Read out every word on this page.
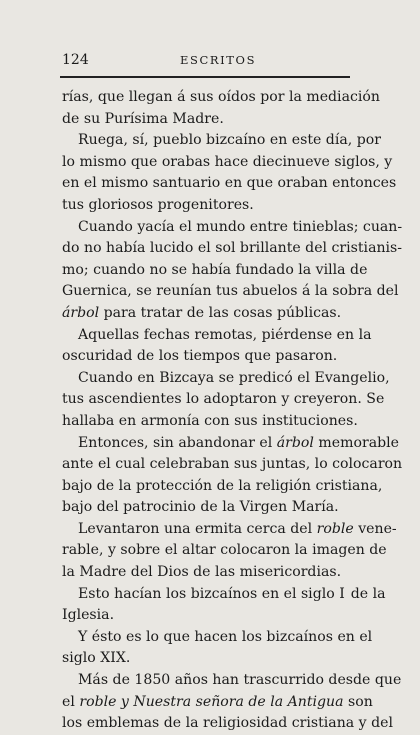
124	ESCRITOS
rías, que llegan á sus oídos por la mediación
de su Purísima Madre.
Ruega, sí, pueblo bizcaíno en este día, por
lo mismo que orabas hace diecinueve siglos, y
en el mismo santuario en que oraban entonces
tus gloriosos progenitores.
Cuando yacía el mundo entre tinieblas; cuan-
do no había lucido el sol brillante del cristianis-
mo; cuando no se había fundado la villa de
Guernica, se reunían tus abuelos á la sobra del
árbol para tratar de las cosas públicas.
Aquellas fechas remotas, piérdense en la
oscuridad de los tiempos que pasaron.
Cuando en Bizcaya se predicó el Evangelio,
tus ascendientes lo adoptaron y creyeron. Se
hallaba en armonía con sus instituciones.
Entonces, sin abandonar el árbol memorable
ante el cual celebraban sus juntas, lo colocaron
bajo de la protección de la religión cristiana,
bajo del patrocinio de la Virgen María.
Levantaron una ermita cerca del roble vene-
rable, y sobre el altar colocaron la imagen de
la Madre del Dios de las misericordias.
Esto hacían los bizcaínos en el siglo I de la
Iglesia.
Y ésto es lo que hacen los bizcaínos en el
siglo XIX.
Más de 1850 años han trascurrido desde que
el roble y Nuestra señora de la Antigua son
los emblemas de la religiosidad cristiana y del
